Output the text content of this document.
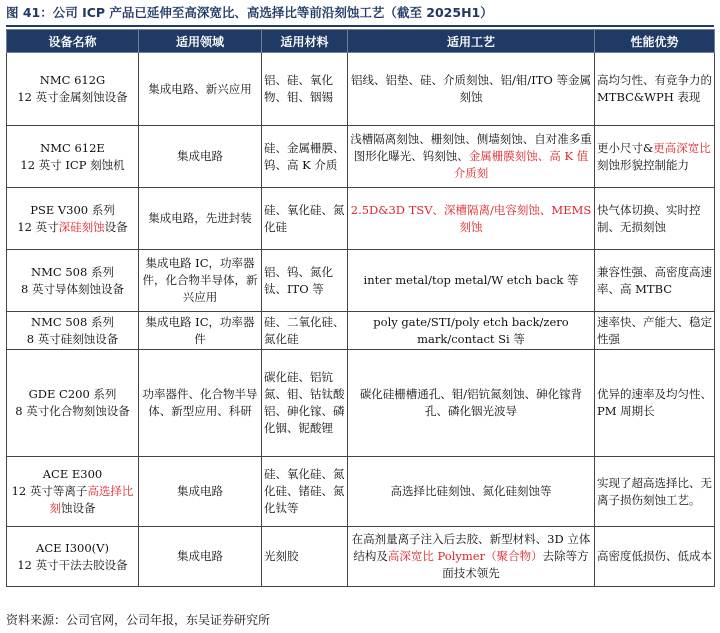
图 41：公司 ICP 产品已延伸至高深宽比、高选择比等前沿刻蚀工艺（截至 2025H1）
设备名称	适用领域	适用材料	适用工艺	性能优势
NMC 612G
12 英寸金属刻蚀设备	集成电路、新兴应用	铝、硅、氧化物、钼、铟锡	铝线、铝垫、硅、介质刻蚀、铝/钼/ITO 等金属刻蚀	高均匀性、有竞争力的 MTBC&WPH 表现
NMC 612E
12 英寸 ICP 刻蚀机	集成电路	硅、金属栅膜、钨、高 K 介质	浅槽隔离刻蚀、栅刻蚀、侧墙刻蚀、自对准多重图形化曝光、钨刻蚀、金属栅膜刻蚀、高 K 值介质刻	更小尺寸&更高深宽比刻蚀形貌控制能力
PSE V300 系列
12 英寸深硅刻蚀设备	集成电路，先进封装	硅、氧化硅、氮化硅	2.5D&3D TSV、深槽隔离/电容刻蚀、MEMS 刻蚀	快气体切换、实时控制、无损刻蚀
NMC 508 系列
8 英寸导体刻蚀设备	集成电路 IC，功率器件，化合物半导体，新兴应用	铝、钨、氮化钛、ITO 等	inter metal/top metal/W etch back 等	兼容性强、高密度高速率、高 MTBC
NMC 508 系列
8 英寸硅刻蚀设备	集成电路 IC，功率器件	硅、二氧化硅、氮化硅	poly gate/STI/poly etch back/zero mark/contact Si 等	速率快、产能大、稳定性强
GDE C200 系列
8 英寸化合物刻蚀设备	功率器件、化合物半导体、新型应用、科研	碳化硅、铝钪氮、钼、钴钛酸铝、砷化镓、磷化铟、铌酸锂	碳化硅栅槽通孔、钼/铝钪氮刻蚀、砷化镓背孔、磷化铟光波导	优异的速率及均匀性、PM 周期长
ACE E300
12 英寸等离子高选择比刻蚀设备	集成电路	硅、氧化硅、氮化硅、锗硅、氮化钛等	高选择比硅刻蚀、氮化硅刻蚀等	实现了超高选择比、无离子损伤刻蚀工艺。
ACE I300(V)
12 英寸干法去胶设备	集成电路	光刻胶	在高剂量离子注入后去胶、新型材料、3D 立体结构及高深宽比 Polymer（聚合物）去除等方面技术领先	高密度低损伤、低成本
资料来源：公司官网，公司年报，东吴证券研究所
